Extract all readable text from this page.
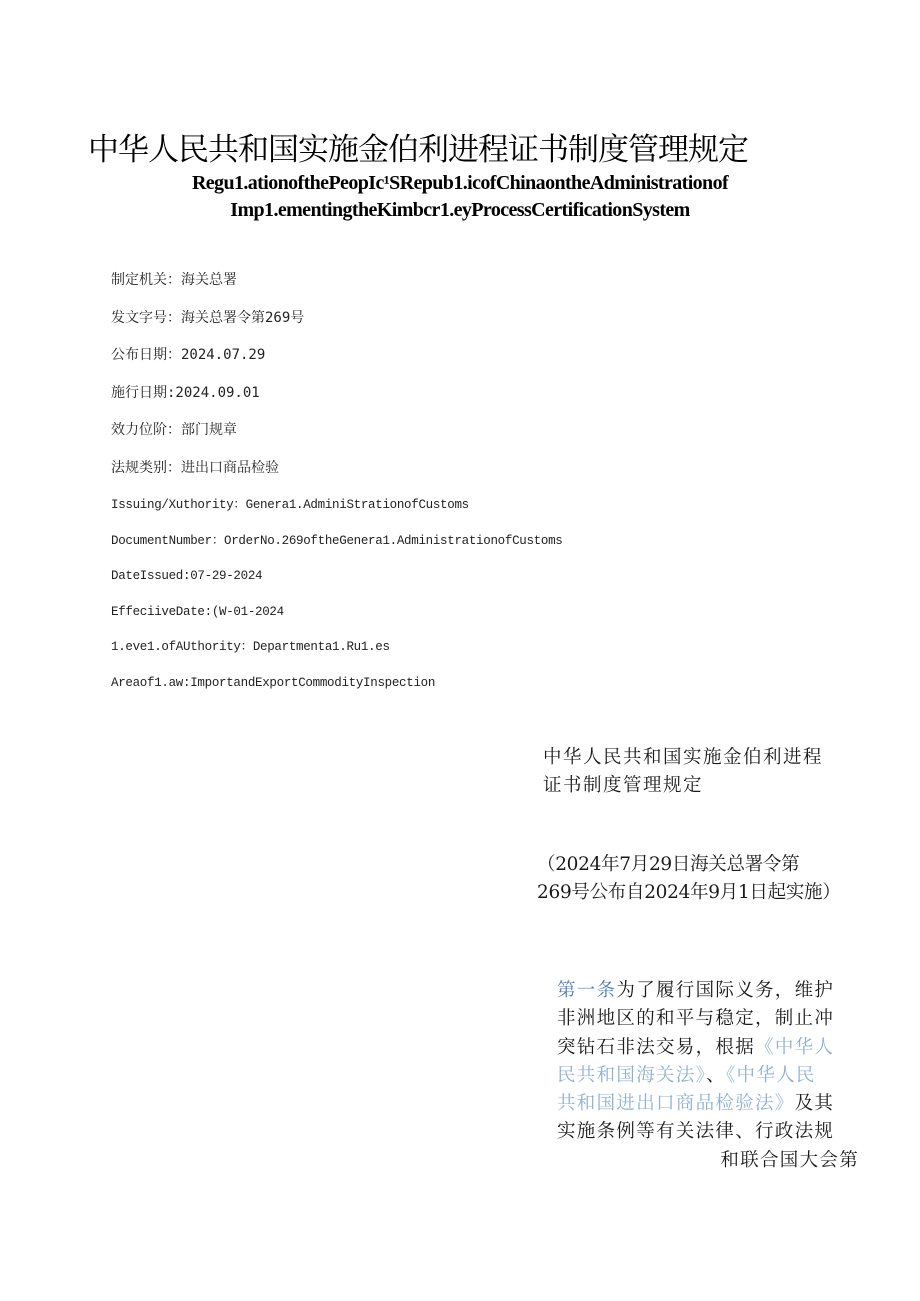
中华人民共和国实施金伯利进程证书制度管理规定
Regu1.ationofthePeopIc¹SRepub1.icofChinaontheAdministrationof
Imp1.ementingtheKimbcr1.eyProcessCertificationSystem
制定机关：海关总署
发文字号：海关总署令第269号
公布日期：2024.07.29
施行日期:2024.09.01
效力位阶：部门规章
法规类别：进出口商品检验
Issuing/Xuthority：Genera1.AdminiStrationofCustoms
DocumentNumber：OrderNo.269oftheGenera1.AdministrationofCustoms
DateIssued:07-29-2024
EffeciiveDate:(W-01-2024
1.eve1.ofAUthority：Departmenta1.Ru1.es
Areaof1.aw:ImportandExportCommodityInspection
中华人民共和国实施金伯利进程
证书制度管理规定
（2024年7月29日海关总署令第
269号公布自2024年9月1日起实施）
第一条为了履行国际义务，维护
非洲地区的和平与稳定，制止冲
突钻石非法交易，根据《中华人
民共和国海关法》、《中华人民
共和国进出口商品检验法》及其
实施条例等有关法律、行政法规
和联合国大会第
